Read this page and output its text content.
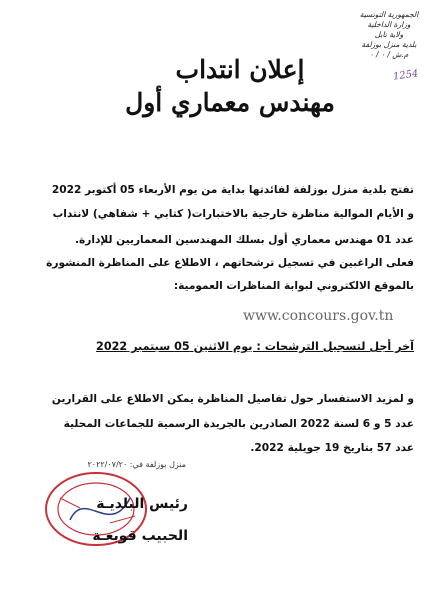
الجمهورية التونسية
وزارة الداخلية
ولاية نابل
بلدية منزل بوزلفة
م.ش / ٠ / ٠
1254
إعلان انتداب
مهندس معماري أول
تفتح بلدية منزل بوزلفة لفائدتها بداية من يوم الأربعاء 05 أكتوبر 2022
و الأيام الموالية مناظرة خارجية بالاختبارات( كتابي + شفاهي) لانتداب
عدد 01 مهندس معماري أول بسلك المهندسين المعماريين للإدارة.
فعلى الراغبين في تسجيل ترشحاتهم ، الاطلاع على المناظرة المنشورة
بالموقع الالكتروني لبوابة المناظرات العمومية:
www.concours.gov.tn
آخر أجل لتسجيل الترشحات : يوم الاثنين 05 سبتمبر 2022
و لمزيد الاستفسار حول تفاصيل المناظرة يمكن الاطلاع على القرارين
عدد 5 و 6 لسنة 2022 الصادرين بالجريدة الرسمية للجماعات المحلية
عدد 57 بتاريخ 19 جويلية 2022.
منزل بوزلفة في: ٢٠٢٢/٠٧/٢٠
رئيس البلديـة
الحبيب قوبعـة
